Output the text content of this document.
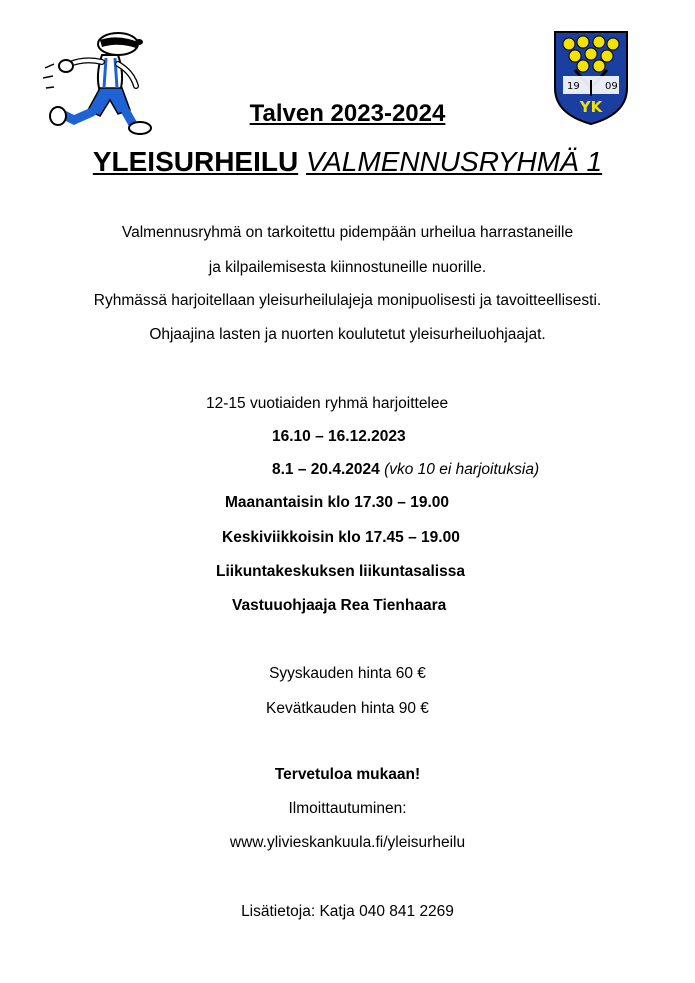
19	09
YK
Talven 2023-2024
YLEISURHEILU VALMENNUSRYHMÄ 1
Valmennusryhmä on tarkoitettu pidempään urheilua harrastaneille
ja kilpailemisesta kiinnostuneille nuorille.
Ryhmässä harjoitellaan yleisurheilulajeja monipuolisesti ja tavoitteellisesti.
Ohjaajina lasten ja nuorten koulutetut yleisurheiluohjaajat.
12-15 vuotiaiden ryhmä harjoittelee
16.10 – 16.12.2023
8.1 – 20.4.2024 (vko 10 ei harjoituksia)
Maanantaisin klo 17.30 – 19.00
Keskiviikkoisin klo 17.45 – 19.00
Liikuntakeskuksen liikuntasalissa
Vastuuohjaaja Rea Tienhaara
Syyskauden hinta 60 €
Kevätkauden hinta 90 €
Tervetuloa mukaan!
Ilmoittautuminen:
www.ylivieskankuula.fi/yleisurheilu
Lisätietoja: Katja 040 841 2269
